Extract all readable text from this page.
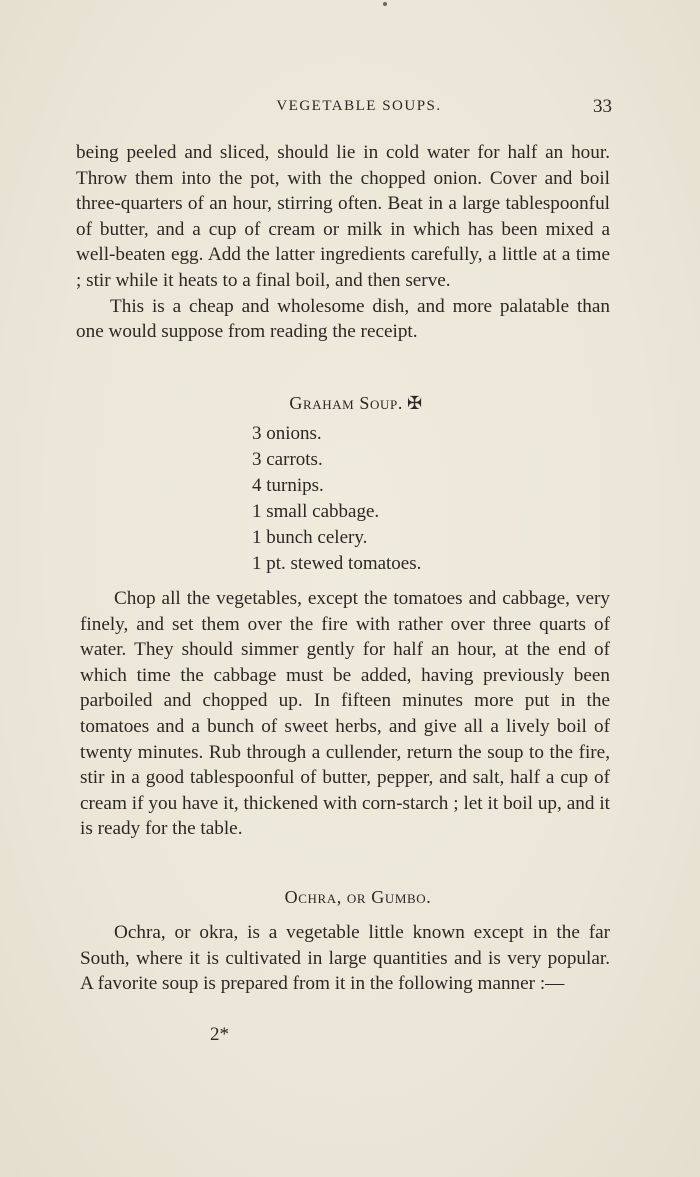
VEGETABLE SOUPS.	33

being peeled and sliced, should lie in cold water for half an hour. Throw them into the pot, with the chopped onion. Cover and boil three-quarters of an hour, stirring often. Beat in a large tablespoonful of butter, and a cup of cream or milk in which has been mixed a well-beaten egg. Add the latter ingredients carefully, a little at a time ; stir while it heats to a final boil, and then serve.

This is a cheap and wholesome dish, and more palatable than one would suppose from reading the receipt.

Graham Soup. ✠
3 onions.
3 carrots.
4 turnips.
1 small cabbage.
1 bunch celery.
1 pt. stewed tomatoes.

Chop all the vegetables, except the tomatoes and cabbage, very finely, and set them over the fire with rather over three quarts of water. They should simmer gently for half an hour, at the end of which time the cabbage must be added, having previously been parboiled and chopped up. In fifteen minutes more put in the tomatoes and a bunch of sweet herbs, and give all a lively boil of twenty minutes. Rub through a cullender, return the soup to the fire, stir in a good tablespoonful of butter, pepper, and salt, half a cup of cream if you have it, thickened with corn-starch ; let it boil up, and it is ready for the table.

Ochra, or Gumbo.

Ochra, or okra, is a vegetable little known except in the far South, where it is cultivated in large quantities and is very popular. A favorite soup is prepared from it in the following manner :—

2*
